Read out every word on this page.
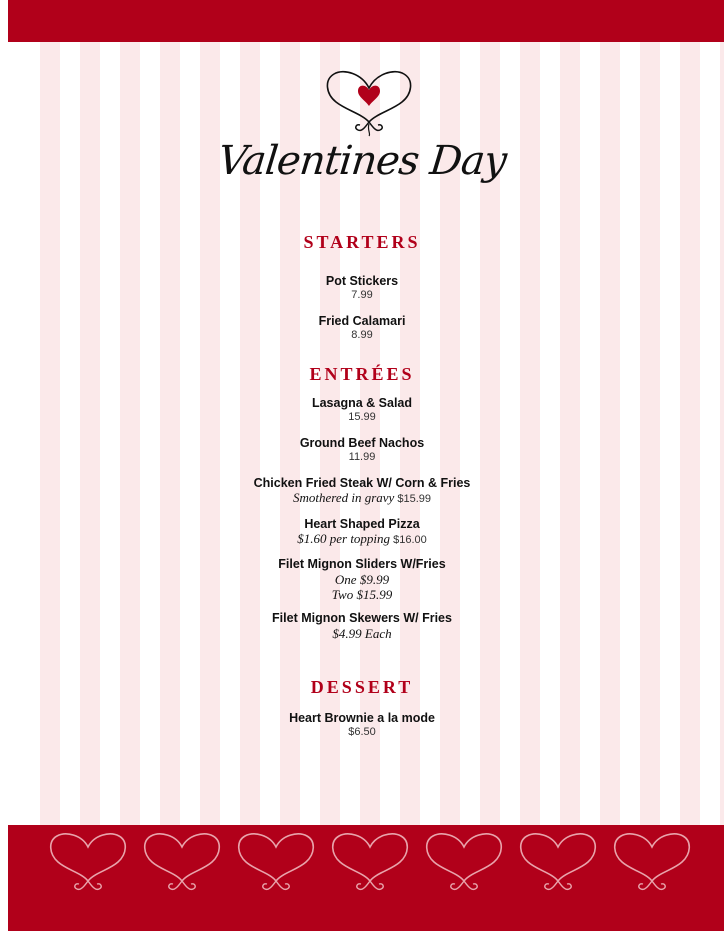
Valentines Day
STARTERS

Pot Stickers

7.99

Fried Calamari

8.99

ENTRÉES

Lasagna & Salad

15.99

Ground Beef Nachos

11.99

Chicken Fried Steak W/ Corn & Fries

Smothered in gravy $15.99

Heart Shaped Pizza

$1.60 per topping $16.00

Filet Mignon Sliders W/Fries

One $9.99

Two $15.99

Filet Mignon Skewers W/ Fries

$4.99 Each

DESSERT

Heart Brownie a la mode

$6.50
